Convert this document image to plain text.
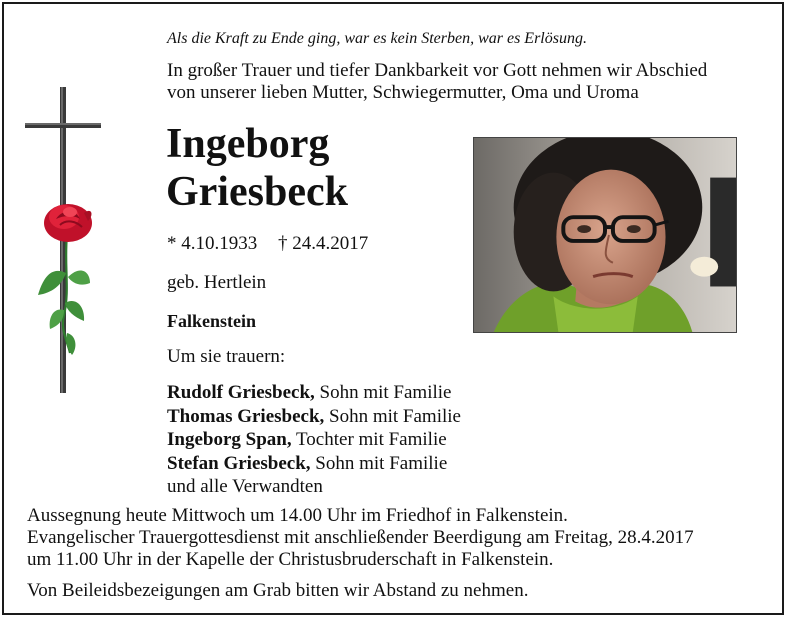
Als die Kraft zu Ende ging, war es kein Sterben, war es Erlösung.
In großer Trauer und tiefer Dankbarkeit vor Gott nehmen wir Abschied
von unserer lieben Mutter, Schwiegermutter, Oma und Uroma
Ingeborg
Griesbeck
* 4.10.1933 † 24.4.2017
geb. Hertlein
Falkenstein
Um sie trauern:
Rudolf Griesbeck, Sohn mit Familie
Thomas Griesbeck, Sohn mit Familie
Ingeborg Span, Tochter mit Familie
Stefan Griesbeck, Sohn mit Familie
und alle Verwandten
Aussegnung heute Mittwoch um 14.00 Uhr im Friedhof in Falkenstein.
Evangelischer Trauergottesdienst mit anschließender Beerdigung am Freitag, 28.4.2017
um 11.00 Uhr in der Kapelle der Christusbruderschaft in Falkenstein.
Von Beileidsbezeigungen am Grab bitten wir Abstand zu nehmen.
